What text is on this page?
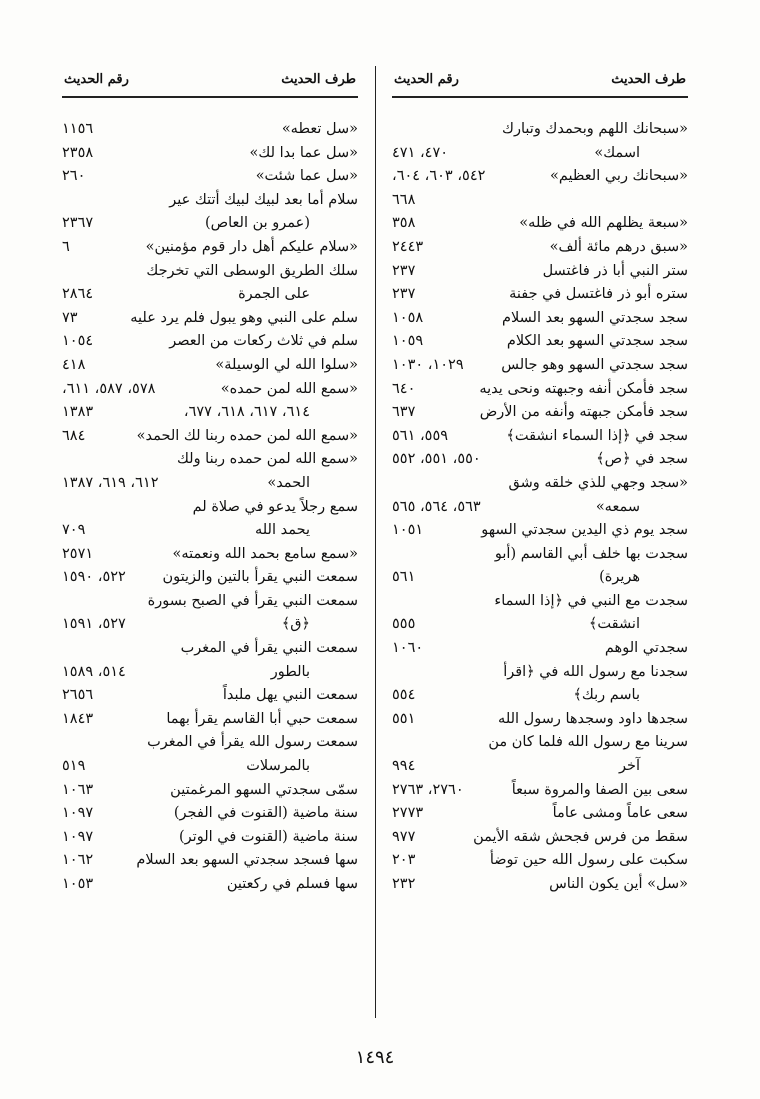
طرف الحديث
رقم الحديث
«سبحانك اللهم وبحمدك وتبارك
اسمك»
٤٧٠، ٤٧١
«سبحانك ربي العظيم»
٥٤٢، ٦٠٣، ٦٠٤،
٦٦٨
«سبعة يظلهم الله في ظله»
٣٥٨
«سبق درهم مائة ألف»
٢٤٤٣
ستر النبي أبا ذر فاغتسل
٢٣٧
ستره أبو ذر فاغتسل في جفنة
٢٣٧
سجد سجدتي السهو بعد السلام
١٠٥٨
سجد سجدتي السهو بعد الكلام
١٠٥٩
سجد سجدتي السهو وهو جالس
١٠٢٩، ١٠٣٠
سجد فأمكن أنفه وجبهته ونحى يديه
٦٤٠
سجد فأمكن جبهته وأنفه من الأرض
٦٣٧
سجد في ﴿إذا السماء انشقت﴾
٥٥٩، ٥٦١
سجد في ﴿ص﴾
٥٥٠، ٥٥١، ٥٥٢
«سجد وجهي للذي خلقه وشق
سمعه»
٥٦٣، ٥٦٤، ٥٦٥
سجد يوم ذي اليدين سجدتي السهو
١٠٥١
سجدت بها خلف أبي القاسم (أبو
هريرة)
٥٦١
سجدت مع النبي في ﴿إذا السماء
انشقت﴾
٥٥٥
سجدتي الوهم
١٠٦٠
سجدنا مع رسول الله في ﴿اقرأ
باسم ربك﴾
٥٥٤
سجدها داود وسجدها رسول الله
٥٥١
سرينا مع رسول الله فلما كان من
آخر
٩٩٤
سعى بين الصفا والمروة سبعاً
٢٧٦٠، ٢٧٦٣
سعى عاماً ومشى عاماً
٢٧٧٣
سقط من فرس فجحش شقه الأيمن
٩٧٧
سكبت على رسول الله حين توضأ
٢٠٣
«سل» أين يكون الناس
٢٣٢
طرف الحديث
رقم الحديث
«سل تعطه»
١١٥٦
«سل عما بدا لك»
٢٣٥٨
«سل عما شئت»
٢٦٠
سلام أما بعد لبيك لبيك أتتك عير
(عمرو بن العاص)
٢٣٦٧
«سلام عليكم أهل دار قوم مؤمنين»
٦
سلك الطريق الوسطى التي تخرجك
على الجمرة
٢٨٦٤
سلم على النبي وهو يبول فلم يرد عليه
٧٣
سلم في ثلاث ركعات من العصر
١٠٥٤
«سلوا الله لي الوسيلة»
٤١٨
«سمع الله لمن حمده»
٥٧٨، ٥٨٧، ٦١١،
٦١٤، ٦١٧، ٦١٨، ٦٧٧،
١٣٨٣
«سمع الله لمن حمده ربنا لك الحمد»
٦٨٤
«سمع الله لمن حمده ربنا ولك
الحمد»
٦١٢، ٦١٩، ١٣٨٧
سمع رجلاً يدعو في صلاة لم
يحمد الله
٧٠٩
«سمع سامع بحمد الله ونعمته»
٢٥٧١
سمعت النبي يقرأ بالتين والزيتون
٥٢٢، ١٥٩٠
سمعت النبي يقرأ في الصبح بسورة
﴿ق﴾
٥٢٧، ١٥٩١
سمعت النبي يقرأ في المغرب
بالطور
٥١٤، ١٥٨٩
سمعت النبي يهل ملبداً
٢٦٥٦
سمعت حبي أبا القاسم يقرأ بهما
١٨٤٣
سمعت رسول الله يقرأ في المغرب
بالمرسلات
٥١٩
سمّى سجدتي السهو المرغمتين
١٠٦٣
سنة ماضية (القنوت في الفجر)
١٠٩٧
سنة ماضية (القنوت في الوتر)
١٠٩٧
سها فسجد سجدتي السهو بعد السلام
١٠٦٢
سها فسلم في ركعتين
١٠٥٣
١٤٩٤
